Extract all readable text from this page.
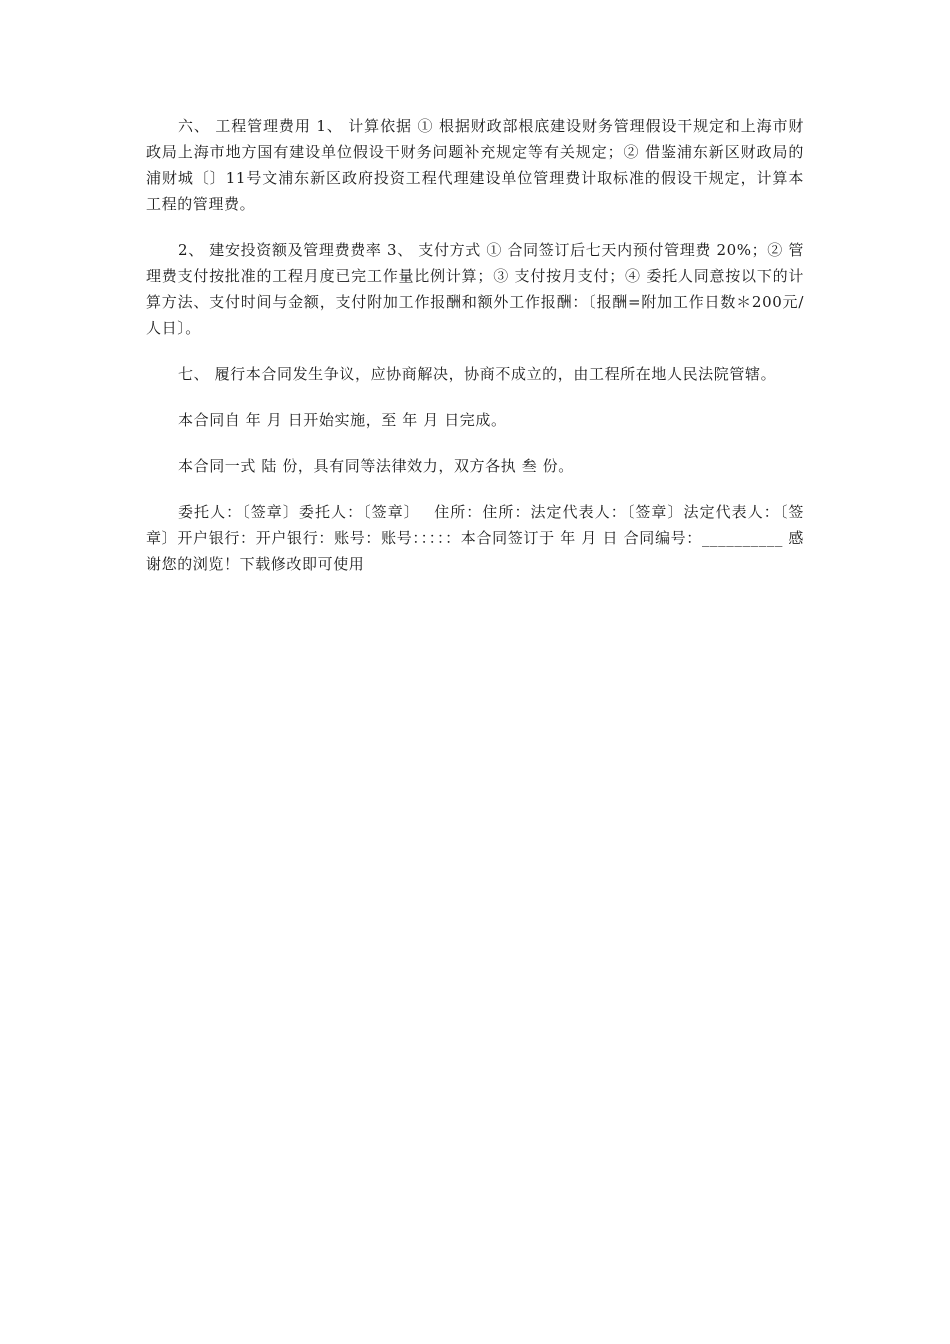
六、 工程管理费用 1、 计算依据 ① 根据财政部根底建设财务管理假设干规定和上海市财政局上海市地方国有建设单位假设干财务问题补充规定等有关规定；② 借鉴浦东新区财政局的浦财城〔〕11号文浦东新区政府投资工程代理建设单位管理费计取标准的假设干规定，计算本工程的管理费。

2、 建安投资额及管理费费率 3、 支付方式 ① 合同签订后七天内预付管理费 20%；② 管理费支付按批准的工程月度已完工作量比例计算；③ 支付按月支付；④ 委托人同意按以下的计算方法、支付时间与金额，支付附加工作报酬和额外工作报酬：〔报酬=附加工作日数＊200元/人日〕。

七、 履行本合同发生争议，应协商解决，协商不成立的，由工程所在地人民法院管辖。

本合同自 年 月 日开始实施，至 年 月 日完成。

本合同一式 陆 份，具有同等法律效力，双方各执 叁 份。

委托人：〔签章〕委托人：〔签章〕　 住所：住所：法定代表人：〔签章〕法定代表人：〔签章〕开户银行：开户银行：账号：账号：：：：：本合同签订于 年 月 日 合同编号：__________ 感谢您的浏览！下载修改即可使用
